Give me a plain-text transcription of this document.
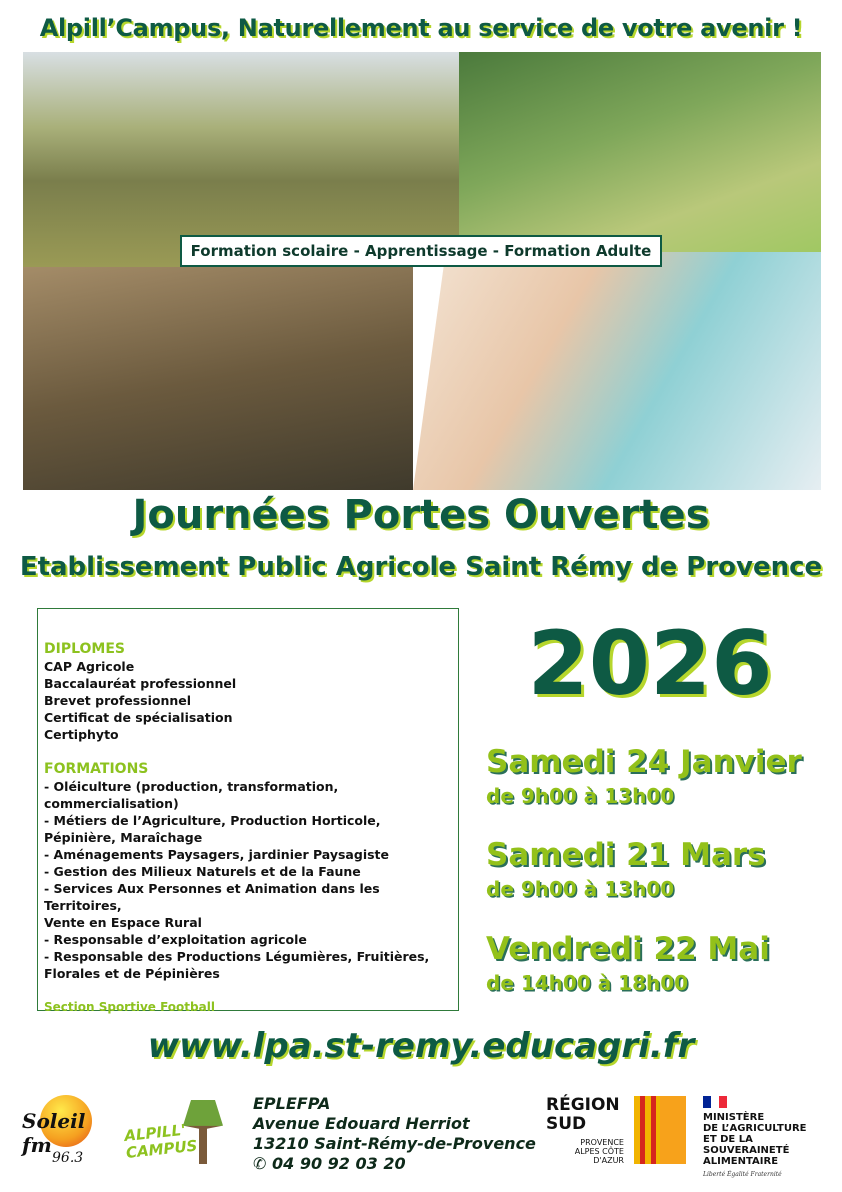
Alpill’Campus, Naturellement au service de votre avenir !
Formation scolaire - Apprentissage - Formation Adulte
Journées Portes Ouvertes
Etablissement Public Agricole Saint Rémy de Provence
DIPLOMES
CAP Agricole
Baccalauréat professionnel
Brevet professionnel
Certificat de spécialisation
Certiphyto
FORMATIONS
- Oléiculture (production, transformation, commercialisation)
- Métiers de l’Agriculture, Production Horticole,
Pépinière, Maraîchage
- Aménagements Paysagers, jardinier Paysagiste
- Gestion des Milieux Naturels et de la Faune
- Services Aux Personnes et Animation dans les Territoires,
Vente en Espace Rural
- Responsable d’exploitation agricole
- Responsable des Productions Légumières, Fruitières,
Florales et de Pépinières
Section Sportive Football
2026
Samedi 24 Janvier
de 9h00 à 13h00
Samedi 21 Mars
de 9h00 à 13h00
Vendredi 22 Mai
de 14h00 à 18h00
www.lpa.st-remy.educagri.fr
Soleil fm
96.3
ALPILL' CAMPUS
EPLEFPA
Avenue Edouard Herriot
13210 Saint-Rémy-de-Provence
✆ 04 90 92 03 20
RÉGION SUD
PROVENCE ALPES CÔTE D'AZUR
MINISTÈRE
DE L’AGRICULTURE
ET DE LA SOUVERAINETÉ
ALIMENTAIRE
Liberté Égalité Fraternité
